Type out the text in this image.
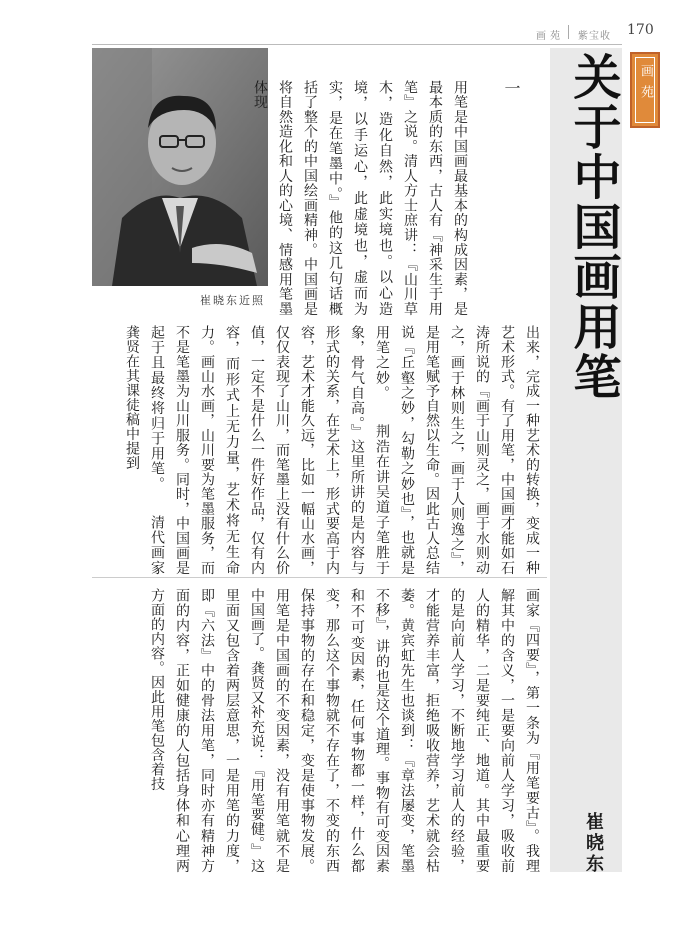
画苑 紫宝收 170
关于中国画用笔	画苑
崔晓东
崔晓东近照
一
用笔是中国画最基本的构成因素，是最本质的东西，古人有『神采生于用笔』之说。清人方士庶讲：『山川草木，造化自然，此实境也。以心造境，以手运心，此虚境也，虚而为实，是在笔墨中。』他的这几句话概括了整个的中国绘画精神。中国画是将自然造化和人的心境、情感用笔墨体现
出来，完成一种艺术的转换，变成一种艺术形式。有了用笔，中国画才能如石涛所说的『画于山则灵之，画于水则动之，画于林则生之，画于人则逸之』，是用笔赋予自然以生命。因此古人总结说『丘壑之妙，勾勒之妙也』，也就是用笔之妙。　　荆浩在讲吴道子笔胜于象，骨气自高。』这里所讲的是内容与形式的关系，在艺术上，形式要高于内容，艺术才能久远，比如一幅山水画，仅仅表现了山川，而笔墨上没有什么价值，一定不是什么一件好作品，仅有内容，而形式上无力量，艺术将无生命力。画山水画，山川要为笔墨服务，而不是笔墨为山川服务。同时，中国画是起于且最终将归于用笔。　　清代画家龚贤在其课徒稿中提到
画家『四要』，第一条为『用笔要古』。我理解其中的含义，一是要向前人学习，吸收前人的精华，二是要纯正、地道。其中最重要的是向前人学习，不断地学习前人的经验，才能营养丰富，拒绝吸收营养，艺术就会枯萎。黄宾虹先生也谈到：『章法屡变，笔墨不移』，讲的也是这个道理。事物有可变因素和不可变因素，任何事物都一样，什么都变，那么这个事物就不存在了，不变的东西保持事物的存在和稳定，变是使事物发展。用笔是中国画的不变因素，没有用笔就不是中国画了。龚贤又补充说：『用笔要健。』这里面又包含着两层意思，一是用笔的力度，即『六法』中的骨法用笔，同时亦有精神方面的内容，正如健康的人包括身体和心理两方面的内容。因此用笔包含着技
